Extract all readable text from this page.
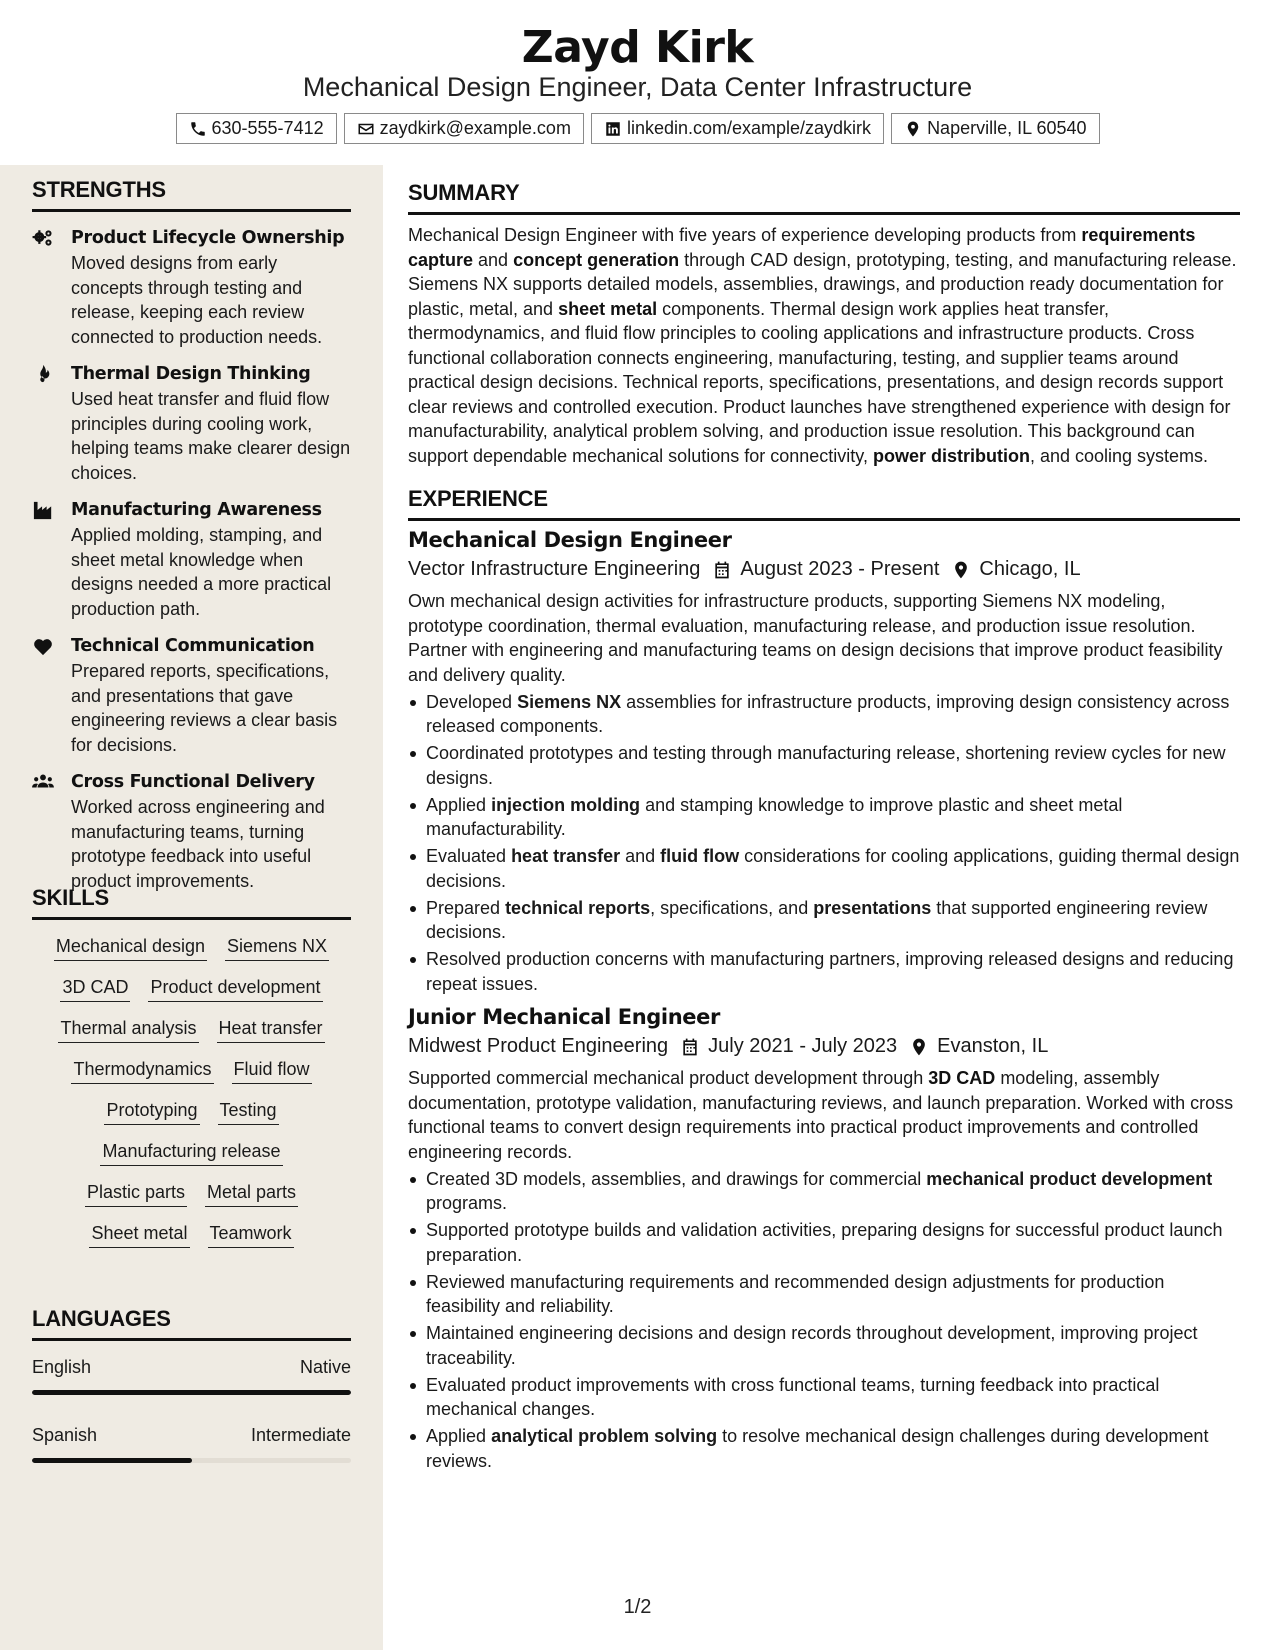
Zayd Kirk
Mechanical Design Engineer, Data Center Infrastructure
630-555-7412	zaydkirk@example.com	linkedin.com/example/zaydkirk	Naperville, IL 60540
STRENGTHS
Product Lifecycle Ownership
Moved designs from early concepts through testing and release, keeping each review connected to production needs.
Thermal Design Thinking
Used heat transfer and fluid flow principles during cooling work, helping teams make clearer design choices.
Manufacturing Awareness
Applied molding, stamping, and sheet metal knowledge when designs needed a more practical production path.
Technical Communication
Prepared reports, specifications, and presentations that gave engineering reviews a clear basis for decisions.
Cross Functional Delivery
Worked across engineering and manufacturing teams, turning prototype feedback into useful product improvements.
SKILLS
Mechanical design Siemens NX
3D CAD Product development
Thermal analysis Heat transfer
Thermodynamics Fluid flow
Prototyping Testing
Manufacturing release
Plastic parts Metal parts
Sheet metal Teamwork
LANGUAGES
English	Native
Spanish	Intermediate
SUMMARY
Mechanical Design Engineer with five years of experience developing products from requirements capture and concept generation through CAD design, prototyping, testing, and manufacturing release. Siemens NX supports detailed models, assemblies, drawings, and production ready documentation for plastic, metal, and sheet metal components. Thermal design work applies heat transfer, thermodynamics, and fluid flow principles to cooling applications and infrastructure products. Cross functional collaboration connects engineering, manufacturing, testing, and supplier teams around practical design decisions. Technical reports, specifications, presentations, and design records support clear reviews and controlled execution. Product launches have strengthened experience with design for manufacturability, analytical problem solving, and production issue resolution. This background can support dependable mechanical solutions for connectivity, power distribution, and cooling systems.
EXPERIENCE
Mechanical Design Engineer
Vector Infrastructure Engineering August 2023 - Present Chicago, IL
Own mechanical design activities for infrastructure products, supporting Siemens NX modeling, prototype coordination, thermal evaluation, manufacturing release, and production issue resolution. Partner with engineering and manufacturing teams on design decisions that improve product feasibility and delivery quality.
Developed Siemens NX assemblies for infrastructure products, improving design consistency across released components.
Coordinated prototypes and testing through manufacturing release, shortening review cycles for new designs.
Applied injection molding and stamping knowledge to improve plastic and sheet metal manufacturability.
Evaluated heat transfer and fluid flow considerations for cooling applications, guiding thermal design decisions.
Prepared technical reports, specifications, and presentations that supported engineering review decisions.
Resolved production concerns with manufacturing partners, improving released designs and reducing repeat issues.
Junior Mechanical Engineer
Midwest Product Engineering July 2021 - July 2023 Evanston, IL
Supported commercial mechanical product development through 3D CAD modeling, assembly documentation, prototype validation, manufacturing reviews, and launch preparation. Worked with cross functional teams to convert design requirements into practical product improvements and controlled engineering records.
Created 3D models, assemblies, and drawings for commercial mechanical product development programs.
Supported prototype builds and validation activities, preparing designs for successful product launch preparation.
Reviewed manufacturing requirements and recommended design adjustments for production feasibility and reliability.
Maintained engineering decisions and design records throughout development, improving project traceability.
Evaluated product improvements with cross functional teams, turning feedback into practical mechanical changes.
Applied analytical problem solving to resolve mechanical design challenges during development reviews.
1/2
